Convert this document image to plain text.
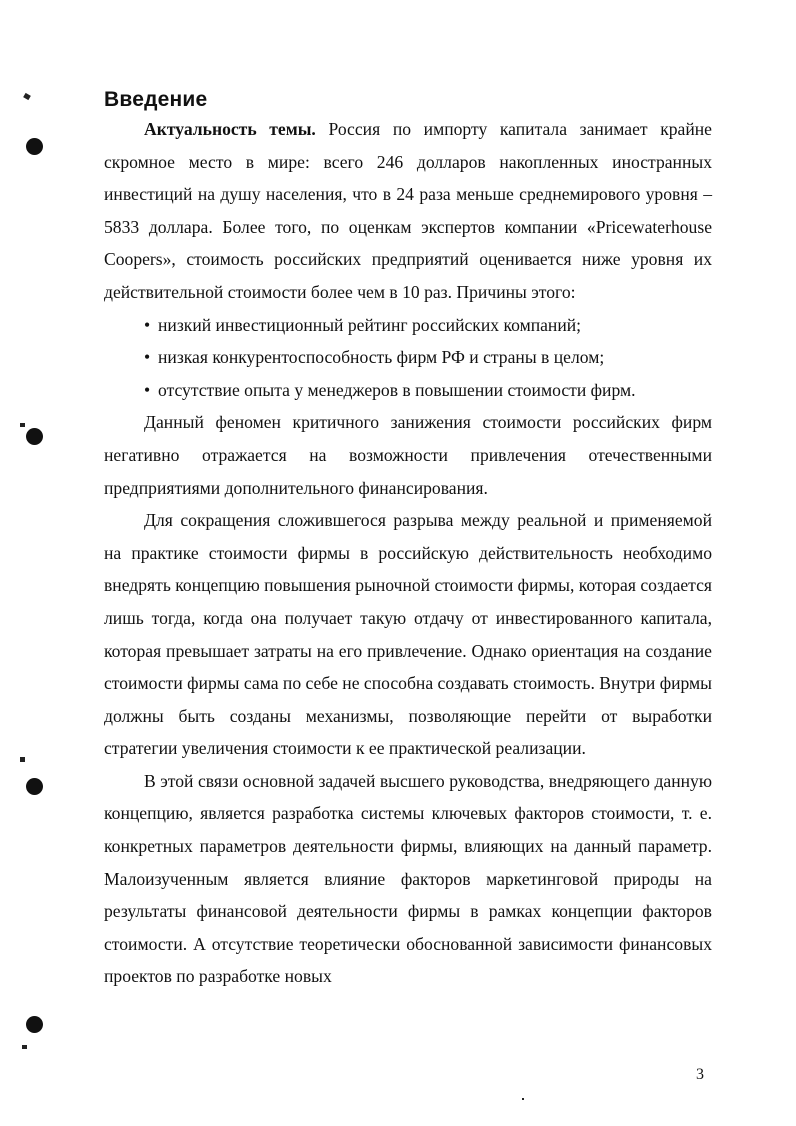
Введение

Актуальность темы. Россия по импорту капитала занимает крайне скромное место в мире: всего 246 долларов накопленных иностранных инвестиций на душу населения, что в 24 раза меньше среднемирового уровня – 5833 доллара. Более того, по оценкам экспертов компании «Pricewaterhouse Coopers», стоимость российских предприятий оценивается ниже уровня их действительной стоимости более чем в 10 раз. Причины этого:

• низкий инвестиционный рейтинг российских компаний;
• низкая конкурентоспособность фирм РФ и страны в целом;
• отсутствие опыта у менеджеров в повышении стоимости фирм.

Данный феномен критичного занижения стоимости российских фирм негативно отражается на возможности привлечения отечественными предприятиями дополнительного финансирования.

Для сокращения сложившегося разрыва между реальной и применяемой на практике стоимости фирмы в российскую действительность необходимо внедрять концепцию повышения рыночной стоимости фирмы, которая создается лишь тогда, когда она получает такую отдачу от инвестированного капитала, которая превышает затраты на его привлечение. Однако ориентация на создание стоимости фирмы сама по себе не способна создавать стоимость. Внутри фирмы должны быть созданы механизмы, позволяющие перейти от выработки стратегии увеличения стоимости к ее практической реализации.

В этой связи основной задачей высшего руководства, внедряющего данную концепцию, является разработка системы ключевых факторов стоимости, т. е. конкретных параметров деятельности фирмы, влияющих на данный параметр. Малоизученным является влияние факторов маркетинговой природы на результаты финансовой деятельности фирмы в рамках концепции факторов стоимости. А отсутствие теоретически обоснованной зависимости финансовых проектов по разработке новых

3
